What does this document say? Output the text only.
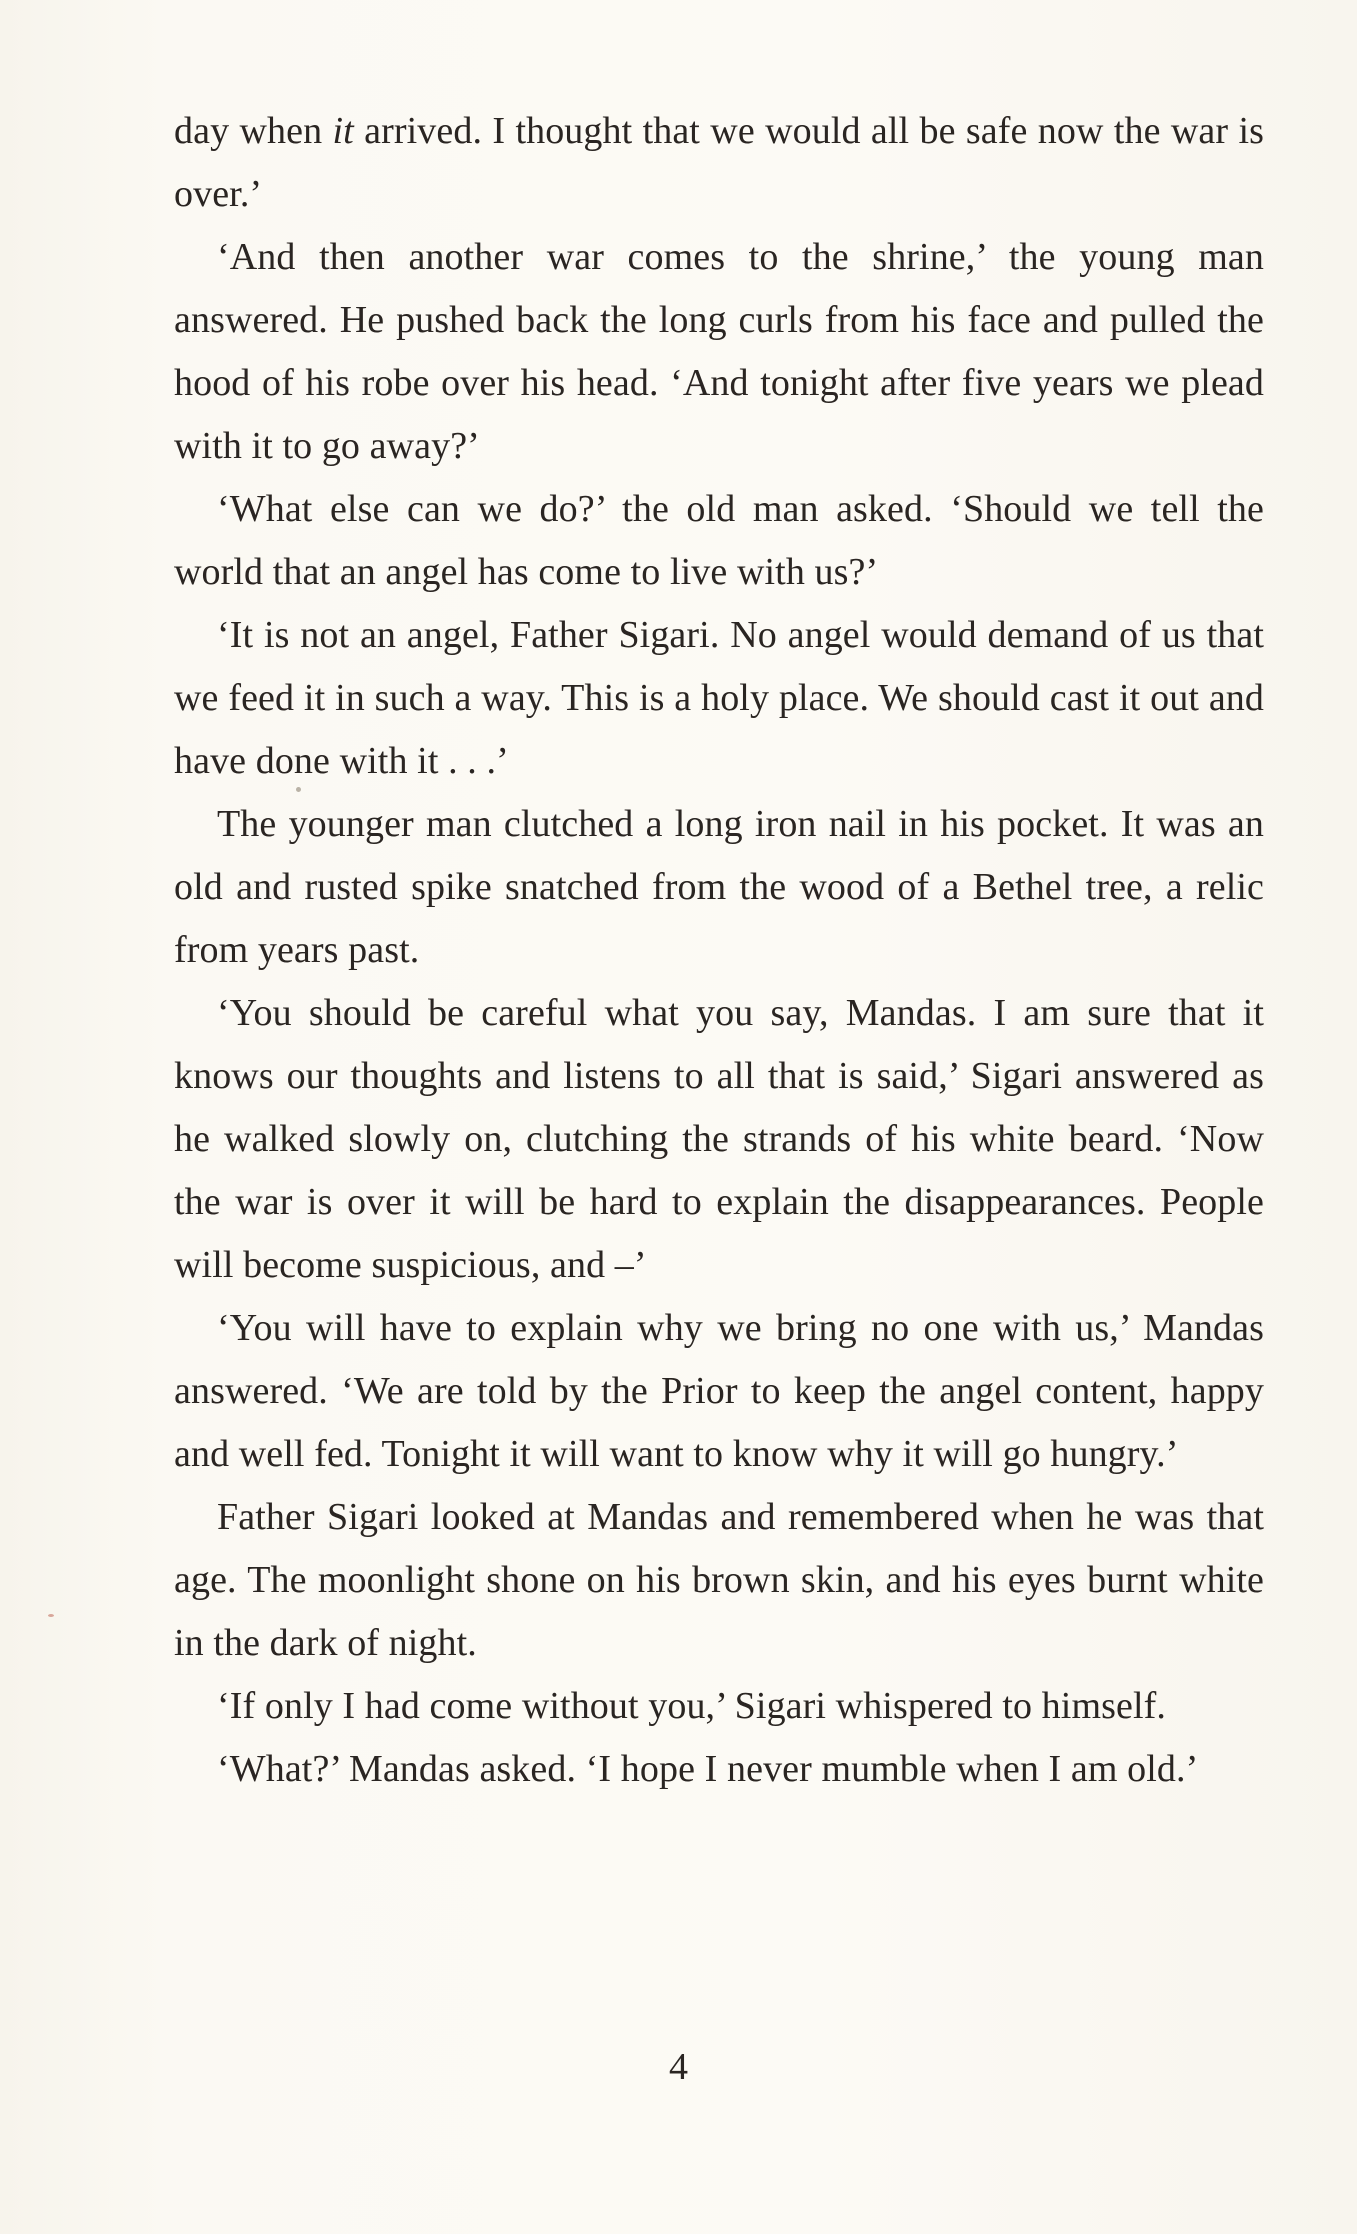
day when it arrived. I thought that we would all be safe now the war is over.’

‘And then another war comes to the shrine,’ the young man answered. He pushed back the long curls from his face and pulled the hood of his robe over his head. ‘And tonight after five years we plead with it to go away?’

‘What else can we do?’ the old man asked. ‘Should we tell the world that an angel has come to live with us?’

‘It is not an angel, Father Sigari. No angel would demand of us that we feed it in such a way. This is a holy place. We should cast it out and have done with it . . .’

The younger man clutched a long iron nail in his pocket. It was an old and rusted spike snatched from the wood of a Bethel tree, a relic from years past.

‘You should be careful what you say, Mandas. I am sure that it knows our thoughts and listens to all that is said,’ Sigari answered as he walked slowly on, clutching the strands of his white beard. ‘Now the war is over it will be hard to explain the disappearances. People will become suspicious, and –’

‘You will have to explain why we bring no one with us,’ Mandas answered. ‘We are told by the Prior to keep the angel content, happy and well fed. Tonight it will want to know why it will go hungry.’

Father Sigari looked at Mandas and remembered when he was that age. The moonlight shone on his brown skin, and his eyes burnt white in the dark of night.

‘If only I had come without you,’ Sigari whispered to himself.

‘What?’ Mandas asked. ‘I hope I never mumble when I am old.’

4
